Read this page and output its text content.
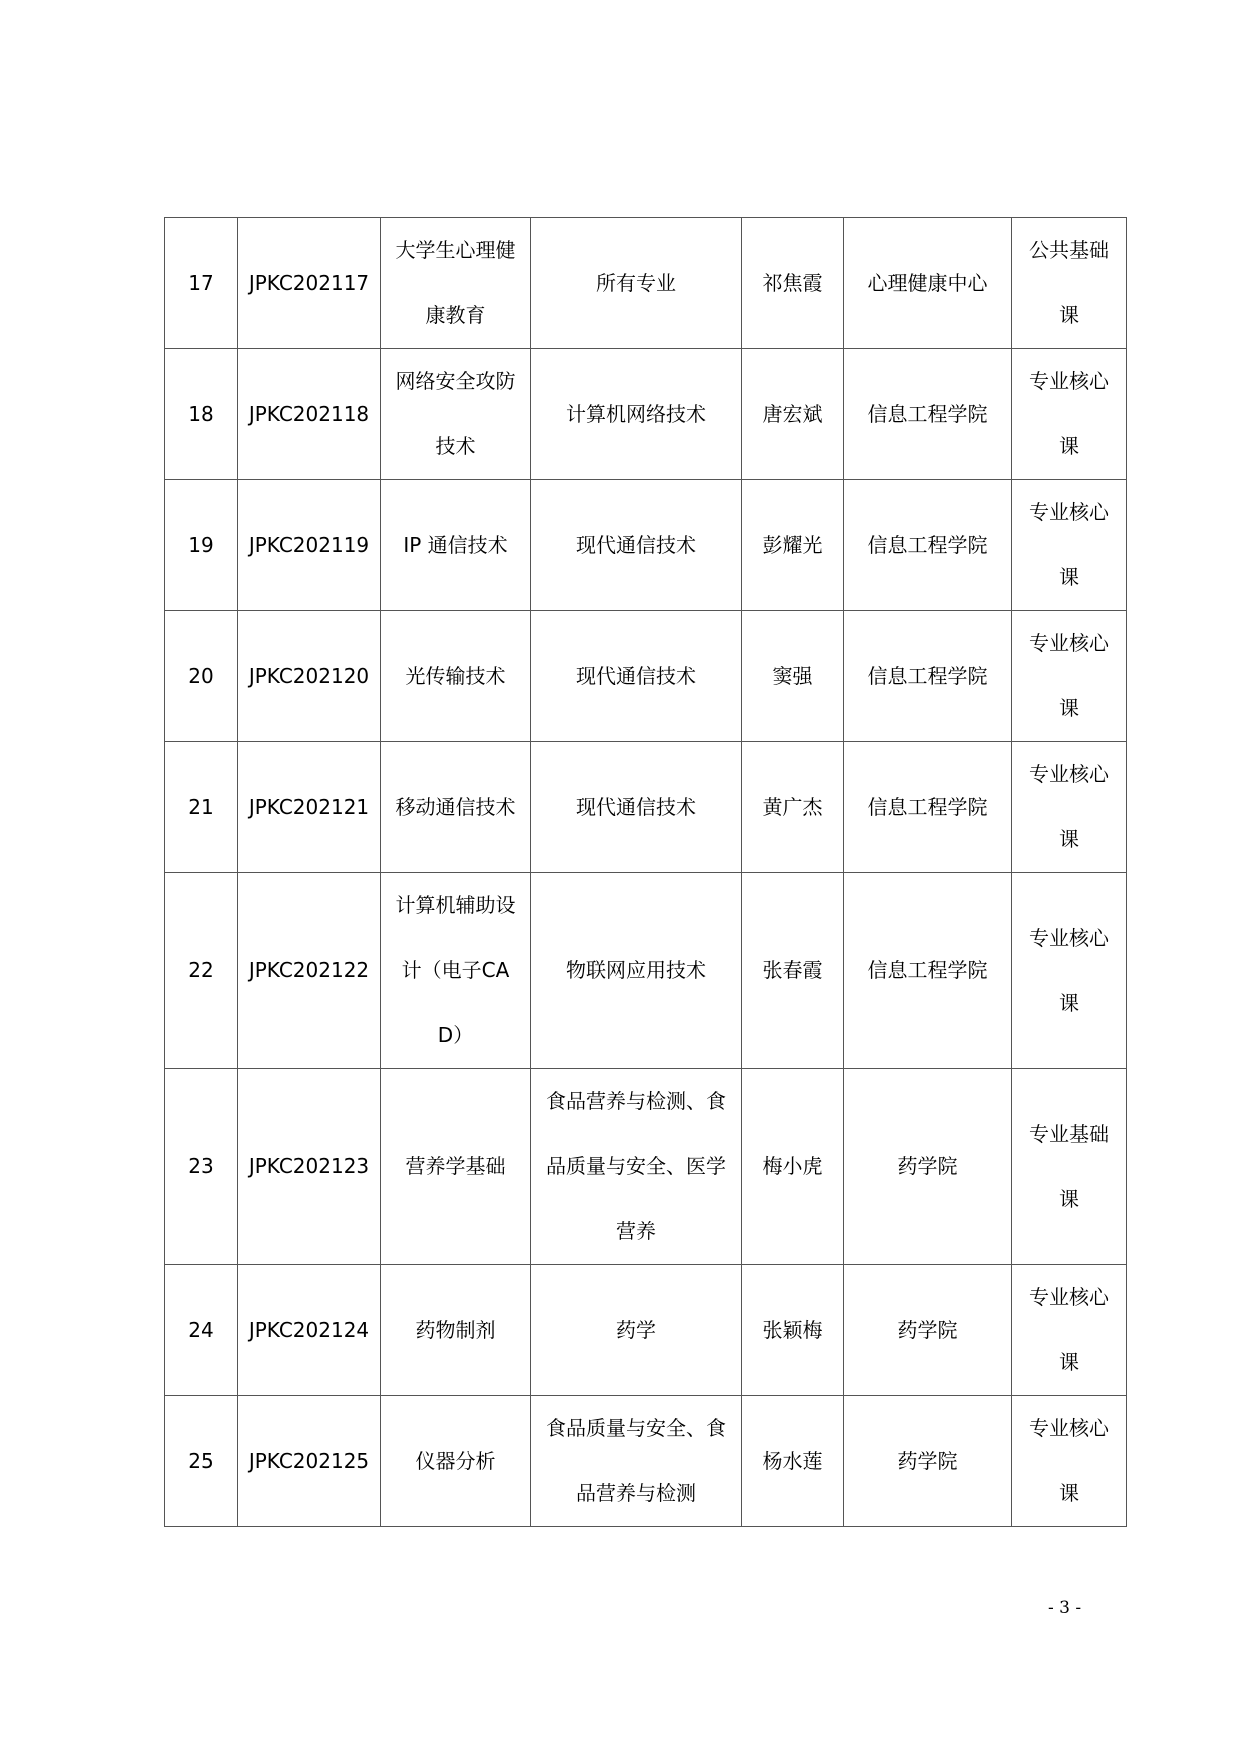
17	JPKC202117	大学生心理健康教育	所有专业	祁焦霞	心理健康中心	公共基础课
18	JPKC202118	网络安全攻防技术	计算机网络技术	唐宏斌	信息工程学院	专业核心课
19	JPKC202119	IP 通信技术	现代通信技术	彭耀光	信息工程学院	专业核心课
20	JPKC202120	光传输技术	现代通信技术	窦强	信息工程学院	专业核心课
21	JPKC202121	移动通信技术	现代通信技术	黄广杰	信息工程学院	专业核心课
22	JPKC202122	计算机辅助设计（电子CAD）	物联网应用技术	张春霞	信息工程学院	专业核心课
23	JPKC202123	营养学基础	食品营养与检测、食品质量与安全、医学营养	梅小虎	药学院	专业基础课
24	JPKC202124	药物制剂	药学	张颖梅	药学院	专业核心课
25	JPKC202125	仪器分析	食品质量与安全、食品营养与检测	杨水莲	药学院	专业核心课
- 3 -
